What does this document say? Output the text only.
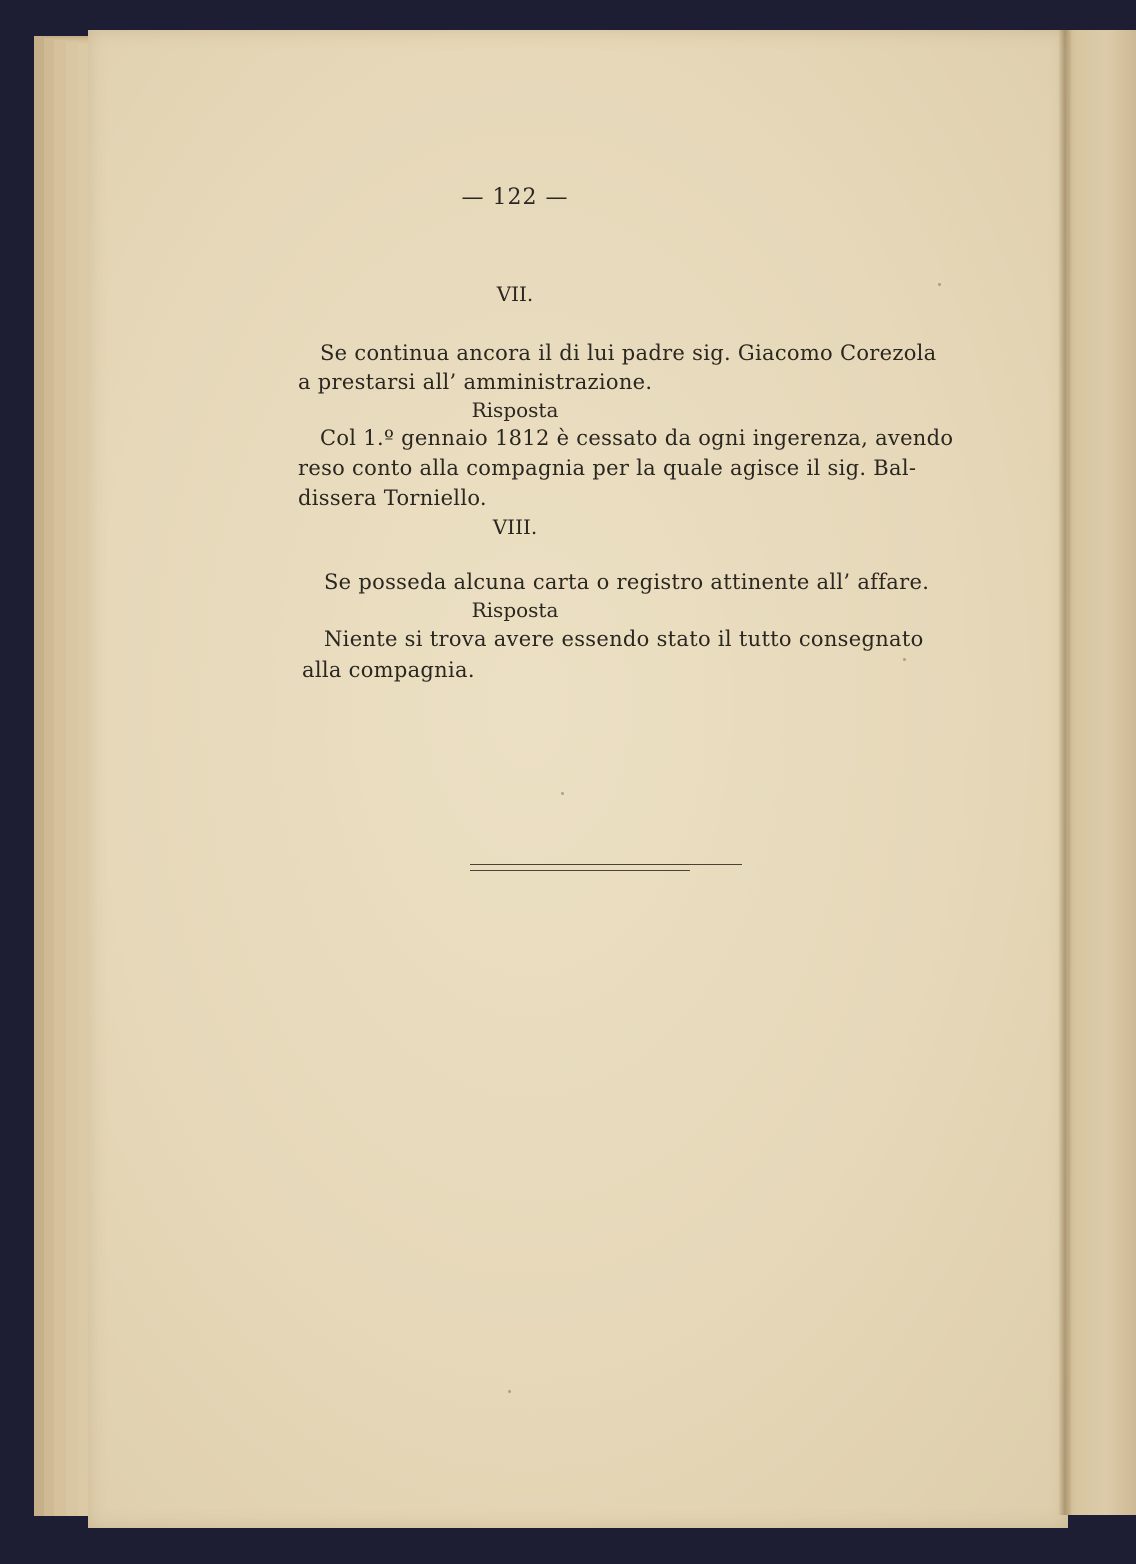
— 122 —
VII.
Se continua ancora il di lui padre sig. Giacomo Corezola
a prestarsi all’ amministrazione.
Risposta
Col 1.º gennaio 1812 è cessato da ogni ingerenza, avendo
reso conto alla compagnia per la quale agisce il sig. Bal-
dissera Torniello.
VIII.
Se posseda alcuna carta o registro attinente all’ affare.
Risposta
Niente si trova avere essendo stato il tutto consegnato
alla compagnia.
